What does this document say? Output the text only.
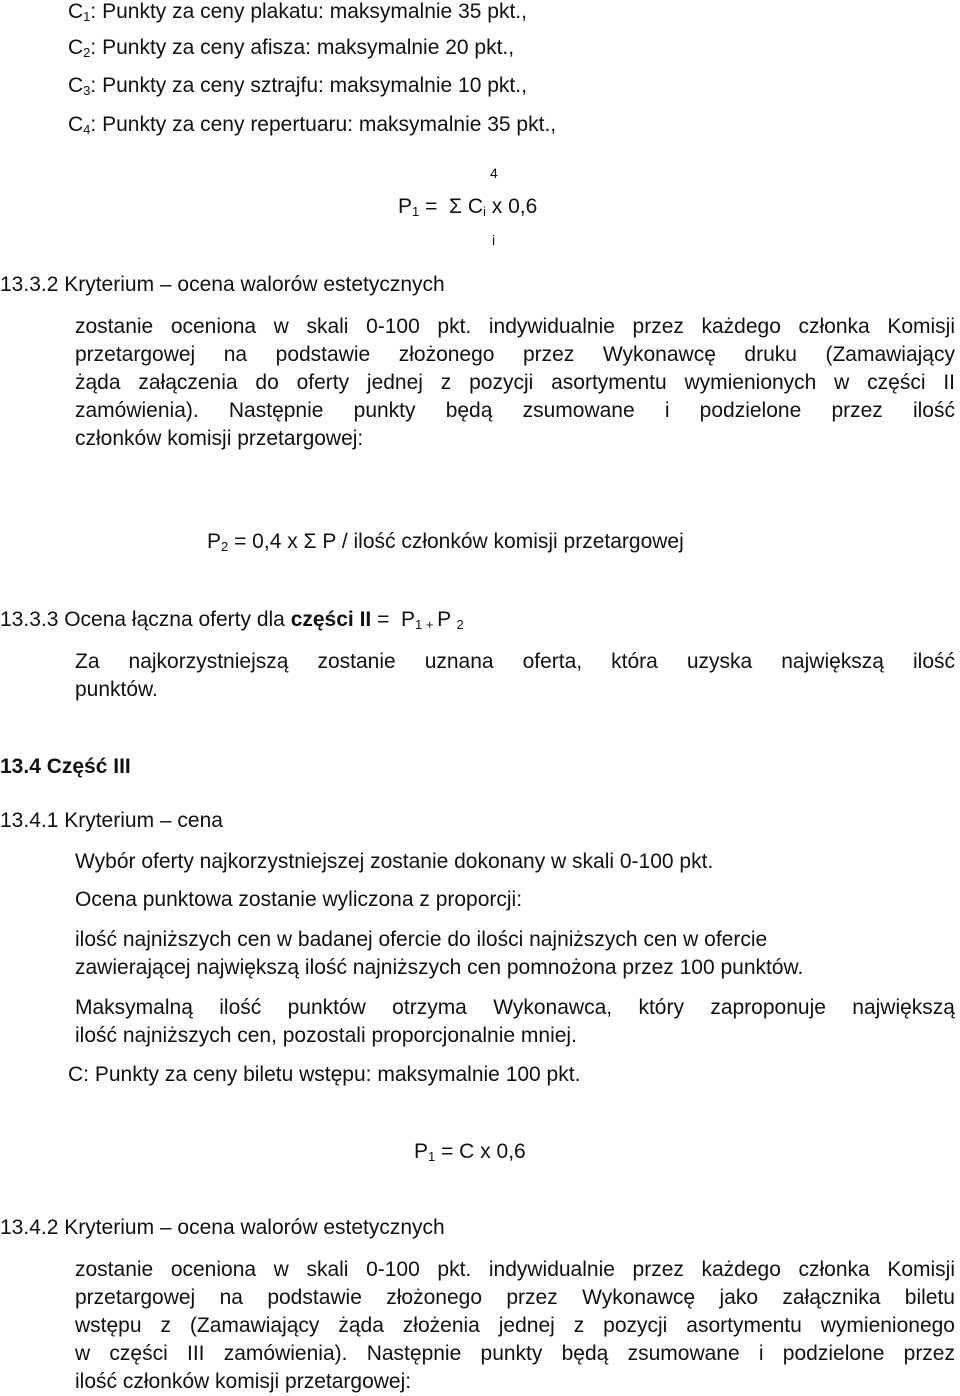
$C_1$: Punkty za ceny plakatu: maksymalnie 35 pkt.,
$C_2$: Punkty za ceny afisza: maksymalnie 20 pkt.,
$C_3$: Punkty za ceny sztrajfu: maksymalnie 10 pkt.,
$C_4$: Punkty za ceny repertuaru: maksymalnie 35 pkt.,
4
$P_1 = \Sigma$ $C_i$ x 0,6
i
13.3.2 Kryterium – ocena walorów estetycznych
zostanie oceniona w skali 0-100 pkt. indywidualnie przez każdego członka Komisji
przetargowej na podstawie złożonego przez Wykonawcę druku (Zamawiający
żąda załączenia do oferty jednej z pozycji asortymentu wymienionych w części II
zamówienia). Następnie punkty będą zsumowane i podzielone przez ilość
członków komisji przetargowej:
$P_2 = 0,4$ x Σ P / ilość członków komisji przetargowej
13.3.3 Ocena łączna oferty dla części II =  $P_{1 +}$ P $_2$
Za najkorzystniejszą zostanie uznana oferta, która uzyska największą ilość
punktów.
13.4 Część III
13.4.1 Kryterium – cena
Wybór oferty najkorzystniejszej zostanie dokonany w skali 0-100 pkt.
Ocena punktowa zostanie wyliczona z proporcji:
ilość najniższych cen w badanej ofercie do ilości najniższych cen w ofercie
zawierającej największą ilość najniższych cen pomnożona przez 100 punktów.
Maksymalną ilość punktów otrzyma Wykonawca, który zaproponuje największą
ilość najniższych cen, pozostali proporcjonalnie mniej.
C: Punkty za ceny biletu wstępu: maksymalnie 100 pkt.
$P_1 = C$ x 0,6
13.4.2 Kryterium – ocena walorów estetycznych
zostanie oceniona w skali 0-100 pkt. indywidualnie przez każdego członka Komisji
przetargowej na podstawie złożonego przez Wykonawcę jako załącznika biletu
wstępu z (Zamawiający żąda złożenia jednej z pozycji asortymentu wymienionego
w części III zamówienia). Następnie punkty będą zsumowane i podzielone przez
ilość członków komisji przetargowej:
